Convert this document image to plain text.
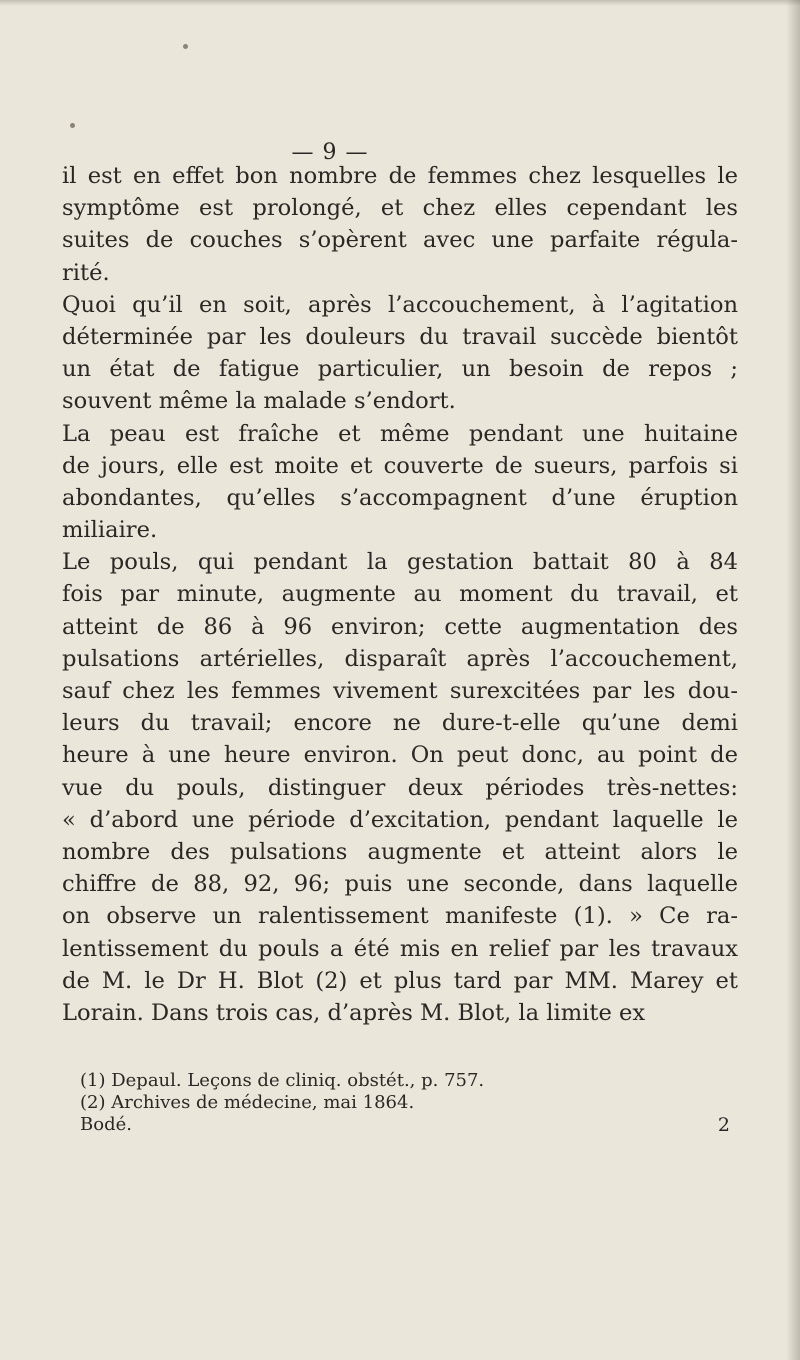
— 9 —
il est en effet bon nombre de femmes chez lesquelles le
symptôme est prolongé, et chez elles cependant les
suites de couches s’opèrent avec une parfaite régula-
rité.
Quoi qu’il en soit, après l’accouchement, à l’agitation
déterminée par les douleurs du travail succède bientôt
un état de fatigue particulier, un besoin de repos ;
souvent même la malade s’endort.
La peau est fraîche et même pendant une huitaine
de jours, elle est moite et couverte de sueurs, parfois si
abondantes, qu’elles s’accompagnent d’une éruption
miliaire.
Le pouls, qui pendant la gestation battait 80 à 84
fois par minute, augmente au moment du travail, et
atteint de 86 à 96 environ; cette augmentation des
pulsations artérielles, disparaît après l’accouchement,
sauf chez les femmes vivement surexcitées par les dou-
leurs du travail; encore ne dure-t-elle qu’une demi
heure à une heure environ. On peut donc, au point de
vue du pouls, distinguer deux périodes très-nettes:
« d’abord une période d’excitation, pendant laquelle le
nombre des pulsations augmente et atteint alors le
chiffre de 88, 92, 96; puis une seconde, dans laquelle
on observe un ralentissement manifeste (1). » Ce ra-
lentissement du pouls a été mis en relief par les travaux
de M. le Dr H. Blot (2) et plus tard par MM. Marey et
Lorain. Dans trois cas, d’après M. Blot, la limite ex
(1) Depaul. Leçons de cliniq. obstét., p. 757.
(2) Archives de médecine, mai 1864.
Bodé.	2
